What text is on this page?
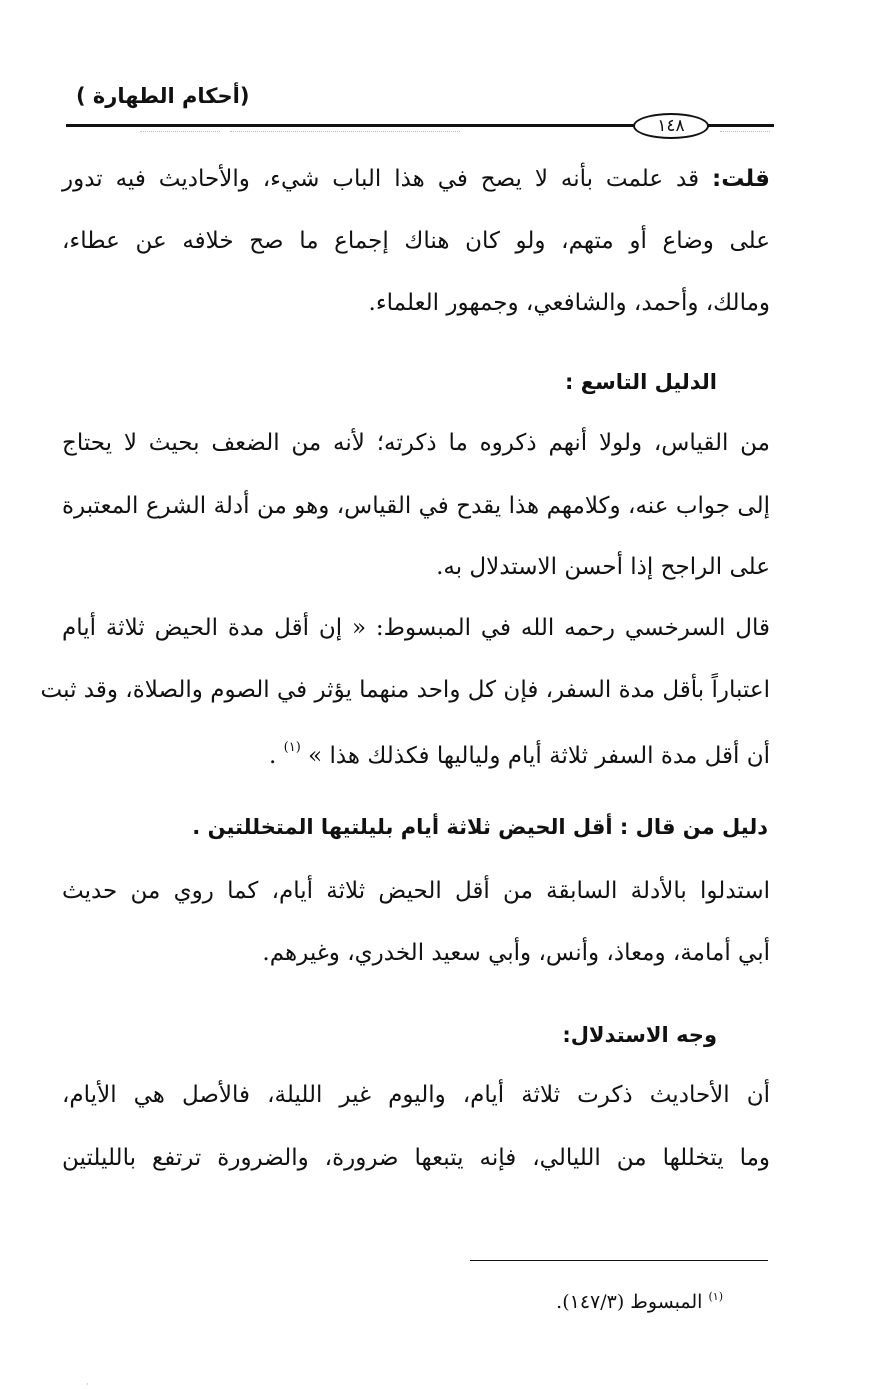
(أحكام الطهارة )
١٤٨
قلت: قد علمت بأنه لا يصح في هذا الباب شيء، والأحاديث فيه تدور
على وضاع أو متهم، ولو كان هناك إجماع ما صح خلافه عن عطاء،
ومالك، وأحمد، والشافعي، وجمهور العلماء.
الدليل التاسع :
من القياس، ولولا أنهم ذكروه ما ذكرته؛ لأنه من الضعف بحيث لا يحتاج
إلى جواب عنه، وكلامهم هذا يقدح في القياس، وهو من أدلة الشرع المعتبرة
على الراجح إذا أحسن الاستدلال به.
قال السرخسي رحمه الله في المبسوط: « إن أقل مدة الحيض ثلاثة أيام
اعتباراً بأقل مدة السفر، فإن كل واحد منهما يؤثر في الصوم والصلاة، وقد ثبت
أن أقل مدة السفر ثلاثة أيام ولياليها فكذلك هذا » $^{(١)}$ .
دليل من قال : أقل الحيض ثلاثة أيام بليلتيها المتخللتين .
استدلوا بالأدلة السابقة من أقل الحيض ثلاثة أيام، كما روي من حديث
أبي أمامة، ومعاذ، وأنس، وأبي سعيد الخدري، وغيرهم.
وجه الاستدلال:
أن الأحاديث ذكرت ثلاثة أيام، واليوم غير الليلة، فالأصل هي الأيام،
وما يتخللها من الليالي، فإنه يتبعها ضرورة، والضرورة ترتفع بالليلتين
$^{(١)}$ المبسوط (١٤٧/٣).
·
